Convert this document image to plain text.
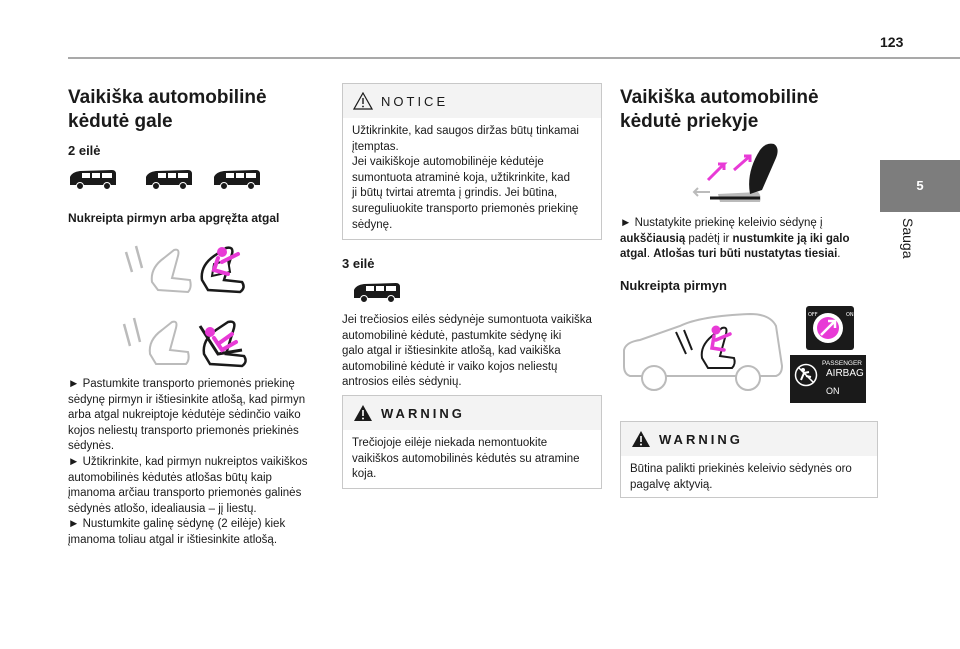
123
5
Sauga
Vaikiška automobilinė
kėdutė gale
2 eilė
Nukreipta pirmyn arba apgręžta atgal
► Pastumkite transporto priemonės priekinę
sėdynę pirmyn ir ištiesinkite atlošą, kad pirmyn
arba atgal nukreiptoje kėdutėje sėdinčio vaiko
kojos neliestų transporto priemonės priekinės
sėdynės.
► Užtikrinkite, kad pirmyn nukreiptos vaikiškos
automobilinės kėdutės atlošas būtų kaip
įmanoma arčiau transporto priemonės galinės
sėdynės atlošo, idealiausia – jį liestų.
► Nustumkite galinę sėdynę (2 eilėje) kiek
įmanoma toliau atgal ir ištiesinkite atlošą.
NOTICE
Užtikrinkite, kad saugos diržas būtų tinkamai
įtemptas.
Jei vaikiškoje automobilinėje kėdutėje
sumontuota atraminė koja, užtikrinkite, kad
ji būtų tvirtai atremta į grindis. Jei būtina,
sureguliuokite transporto priemonės priekinę
sėdynę.
3 eilė
Jei trečiosios eilės sėdynėje sumontuota vaikiška
automobilinė kėdutė, pastumkite sėdynę iki
galo atgal ir ištiesinkite atlošą, kad vaikiška
automobilinė kėdutė ir vaiko kojos neliestų
antrosios eilės sėdynių.
WARNING
Trečiojoje eilėje niekada nemontuokite
vaikiškos automobilinės kėdutės su atramine
koja.
Vaikiška automobilinė
kėdutė priekyje
► Nustatykite priekinę keleivio sėdynę į
aukščiausią padėtį ir nustumkite ją iki galo
atgal. Atlošas turi būti nustatytas tiesiai.
Nukreipta pirmyn
ON
OFF
PASSENGER
AIRBAG
ON
WARNING
Būtina palikti priekinės keleivio sėdynės oro
pagalvę aktyvią.
